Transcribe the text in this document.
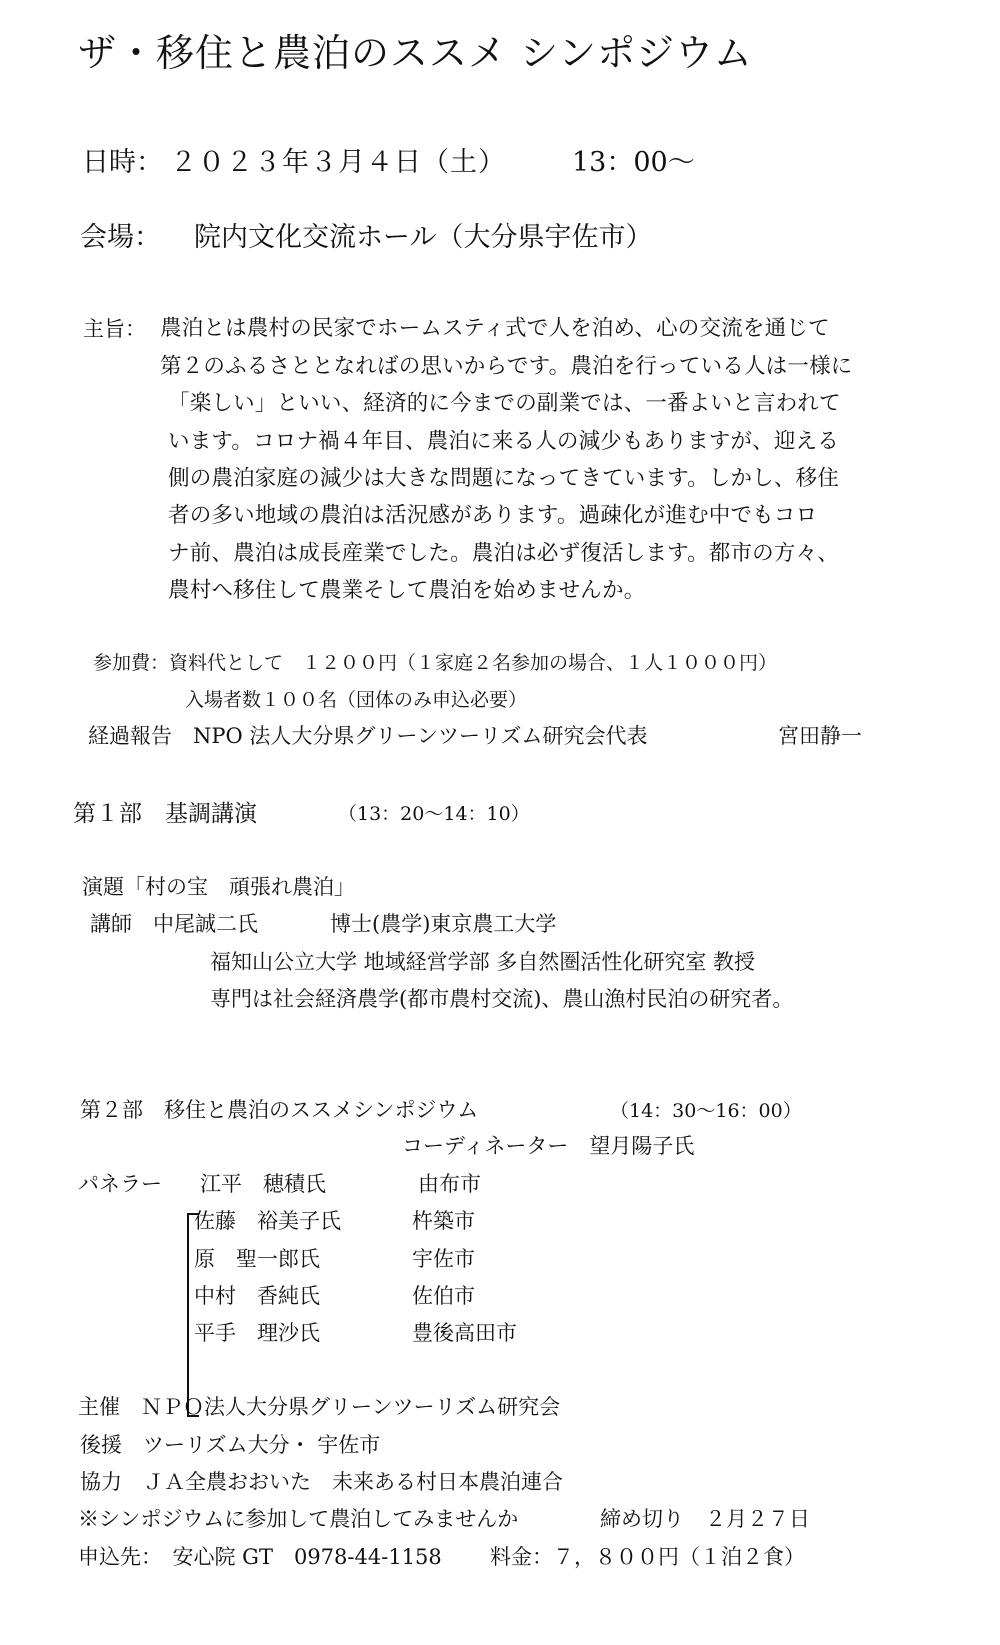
ザ・移住と農泊のススメ シンポジウム
日時： ２０２３年３月４日（土） 13：00～
会場： 院内文化交流ホール（大分県宇佐市）
主旨： 農泊とは農村の民家でホームスティ式で人を泊め、心の交流を通じて
第２のふるさととなればの思いからです。農泊を行っている人は一様に
「楽しい」といい、経済的に今までの副業では、一番よいと言われて
います。コロナ禍４年目、農泊に来る人の減少もありますが、迎える
側の農泊家庭の減少は大きな問題になってきています。しかし、移住
者の多い地域の農泊は活況感があります。過疎化が進む中でもコロ
ナ前、農泊は成長産業でした。農泊は必ず復活します。都市の方々、
農村へ移住して農業そして農泊を始めませんか。
参加費：資料代として　１２００円（１家庭２名参加の場合、１人１０００円）
入場者数１００名（団体のみ申込必要）
経過報告　NPO 法人大分県グリーンツーリズム研究会代表	宮田静一
第１部　基調講演	（13：20～14：10）
演題「村の宝　頑張れ農泊」
講師　中尾誠二氏	博士(農学)東京農工大学
福知山公立大学 地域経営学部 多自然圏活性化研究室 教授
専門は社会経済農学(都市農村交流)、農山漁村民泊の研究者。
第２部　移住と農泊のススメシンポジウム	（14：30～16：00）
コーディネーター　望月陽子氏
パネラー 江平　穂積氏	由布市
佐藤　裕美子氏	杵築市
原　聖一郎氏	宇佐市
中村　香純氏	佐伯市
平手　理沙氏	豊後高田市
主催　ＮＰＯ法人大分県グリーンツーリズム研究会
後援　ツーリズム大分・ 宇佐市
協力　ＪＡ全農おおいた　未来ある村日本農泊連合
※シンポジウムに参加して農泊してみませんか	締め切り　２月２７日
申込先：　安心院 GT　0978-44-1158 料金：７，８００円（１泊２食）
